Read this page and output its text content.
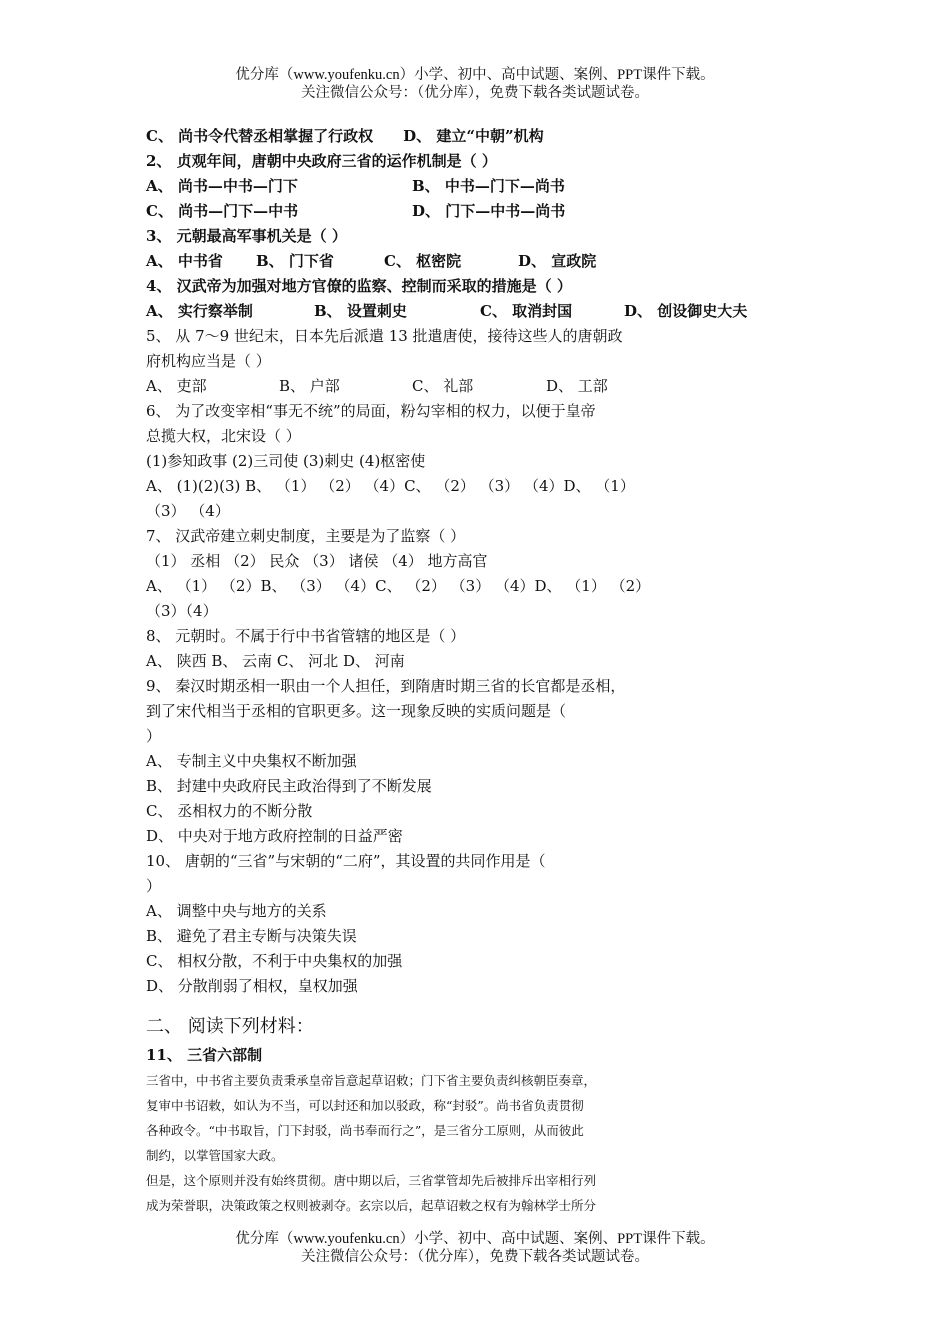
优分库（www.youfenku.cn）小学、初中、高中试题、案例、PPT课件下载。
关注微信公众号：（优分库），免费下载各类试题试卷。
C、 尚书令代替丞相掌握了行政权 D、 建立“中朝”机构
2、 贞观年间，唐朝中央政府三省的运作机制是（ ）
A、 尚书—中书—门下	B、 中书—门下—尚书
C、 尚书—门下—中书	D、 门下—中书—尚书
3、 元朝最高军事机关是（ ）
A、 中书省 B、 门下省	C、 枢密院	D、 宣政院
4、 汉武帝为加强对地方官僚的监察、控制而采取的措施是（ ）
A、 实行察举制	B、 设置刺史	C、 取消封国	D、 创设御史大夫
5、 从 7～9 世纪末，日本先后派遣 13 批遣唐使，接待这些人的唐朝政
府机构应当是（ ）
A、 吏部	B、 户部	C、 礼部	D、 工部
6、 为了改变宰相“事无不统”的局面，粉勾宰相的权力，以便于皇帝
总揽大权，北宋设（ ）
(1)参知政事 (2)三司使 (3)刺史 (4)枢密使
A、 (1)(2)(3) B、 （1） （2） （4）C、 （2） （3） （4）D、 （1）
（3） （4）
7、 汉武帝建立刺史制度，主要是为了监察（ ）
（1） 丞相 （2） 民众 （3） 诸侯 （4） 地方高官
A、 （1） （2）B、 （3） （4）C、 （2） （3） （4）D、 （1） （2）
（3）（4）
8、 元朝时。不属于行中书省管辖的地区是（ ）
A、 陕西 B、 云南 C、 河北 D、 河南
9、 秦汉时期丞相一职由一个人担任，到隋唐时期三省的长官都是丞相，
到了宋代相当于丞相的官职更多。这一现象反映的实质问题是（
）
A、 专制主义中央集权不断加强
B、 封建中央政府民主政治得到了不断发展
C、 丞相权力的不断分散
D、 中央对于地方政府控制的日益严密
10、 唐朝的“三省”与宋朝的“二府”，其设置的共同作用是（
）
A、 调整中央与地方的关系
B、 避免了君主专断与决策失误
C、 相权分散，不利于中央集权的加强
D、 分散削弱了相权，皇权加强
二、 阅读下列材料：
11、 三省六部制
三省中，中书省主要负责秉承皇帝旨意起草诏敕；门下省主要负责纠核朝臣奏章，
复审中书诏敕，如认为不当，可以封还和加以驳政，称“封驳”。尚书省负责贯彻
各种政令。“中书取旨，门下封驳，尚书奉而行之”，是三省分工原则，从而彼此
制约，以掌管国家大政。
但是，这个原则并没有始终贯彻。唐中期以后，三省掌管却先后被排斥出宰相行列
成为荣誉职，决策政策之权则被剥夺。玄宗以后，起草诏敕之权有为翰林学士所分
优分库（www.youfenku.cn）小学、初中、高中试题、案例、PPT课件下载。
关注微信公众号：（优分库），免费下载各类试题试卷。
